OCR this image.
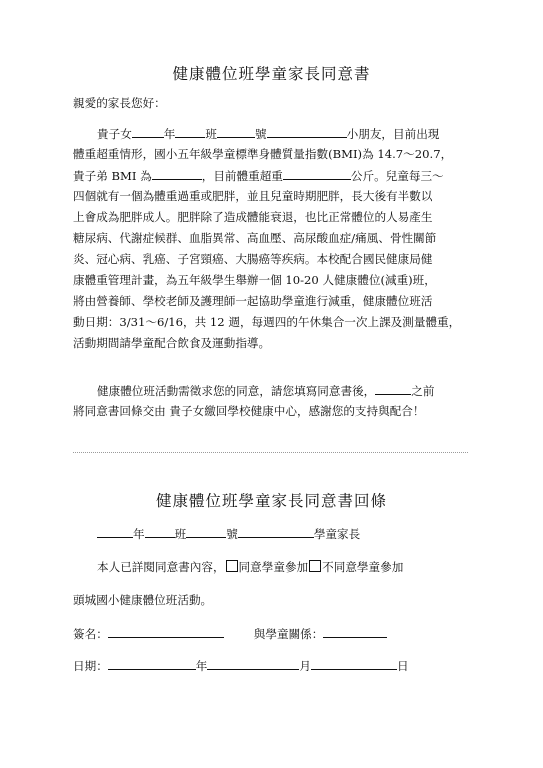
健康體位班學童家長同意書
親愛的家長您好：
貴子女	年	班	號	小朋友，目前出現
體重超重情形，國小五年級學童標準身體質量指數(BMI)為 14.7～20.7，
貴子弟 BMI 為	，目前體重超重	公斤。兒童每三～
四個就有一個為體重過重或肥胖，並且兒童時期肥胖，長大後有半數以
上會成為肥胖成人。肥胖除了造成體能衰退，也比正常體位的人易產生
糖尿病、代謝症候群、血脂異常、高血壓、高尿酸血症/痛風、骨性關節
炎、冠心病、乳癌、子宮頸癌、大腸癌等疾病。本校配合國民健康局健
康體重管理計畫，為五年級學生舉辦一個 10-20 人健康體位(減重)班，
將由營養師、學校老師及護理師一起協助學童進行減重，健康體位班活
動日期：3/31～6/16，共 12 週，每週四的午休集合一次上課及測量體重，
活動期間請學童配合飲食及運動指導。
健康體位班活動需徵求您的同意，請您填寫同意書後，	之前
將同意書回條交由 貴子女繳回學校健康中心，感謝您的支持與配合！
健康體位班學童家長同意書回條
年	班	號	學童家長
本人已詳閱同意書內容， 同意學童參加 不同意學童參加
頭城國小健康體位班活動。
簽名：	與學童關係：
日期：	年	月	日
